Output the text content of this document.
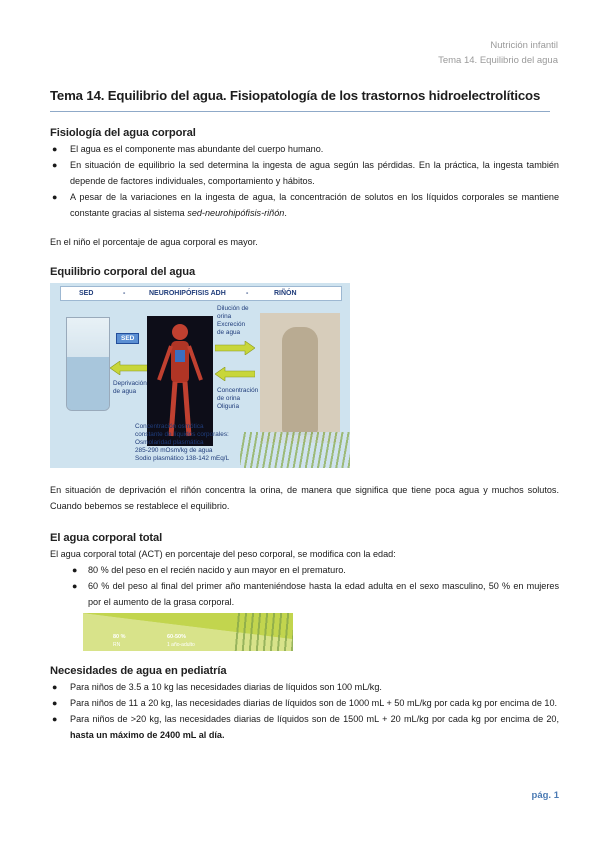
Nutrición infantil
Tema 14. Equilibrio del agua
Tema 14. Equilibrio del agua. Fisiopatología de los trastornos hidroelectrolíticos
Fisiología del agua corporal
● El agua es el componente mas abundante del cuerpo humano.
● En situación de equilibrio la sed determina la ingesta de agua según las pérdidas. En la práctica, la ingesta también depende de factores individuales, comportamiento y hábitos.
● A pesar de la variaciones en la ingesta de agua, la concentración de solutos en los líquidos corporales se mantiene constante gracias al sistema sed-neurohipófisis-riñón.
En el niño el porcentaje de agua corporal es mayor.
Equilibrio corporal del agua
SED	-	NEUROHIPÓFISIS ADH	-	RIÑÓN
SED
Deprivación
de agua
Dilución de
orina
Excreción
de agua
Concentración
de orina
Oliguria
Concentración osmótica
constante de líquidos corporales:
Osmolaridad plasmática
285-290 mOsm/kg de agua
Sodio plasmático 138-142 mEq/L
En situación de deprivación el riñón concentra la orina, de manera que significa que tiene poca agua y muchos solutos. Cuando bebemos se restablece el equilibrio.
El agua corporal total
El agua corporal total (ACT) en porcentaje del peso corporal, se modifica con la edad:
● 80 % del peso en el recién nacido y aun mayor en el prematuro.
● 60 % del peso al final del primer año manteniéndose hasta la edad adulta en el sexo masculino, 50 % en mujeres por el aumento de la grasa corporal.
80 %
RN
60-50%
1 año-adulto
Necesidades de agua en pediatría
● Para niños de 3.5 a 10 kg las necesidades diarias de líquidos son 100 mL/kg.
● Para niños de 11 a 20 kg, las necesidades diarias de líquidos son de 1000 mL + 50 mL/kg por cada kg por encima de 10.
● Para niños de >20 kg, las necesidades diarias de líquidos son de 1500 mL + 20 mL/kg por cada kg por encima de 20, hasta un máximo de 2400 mL al día.
pág. 1
